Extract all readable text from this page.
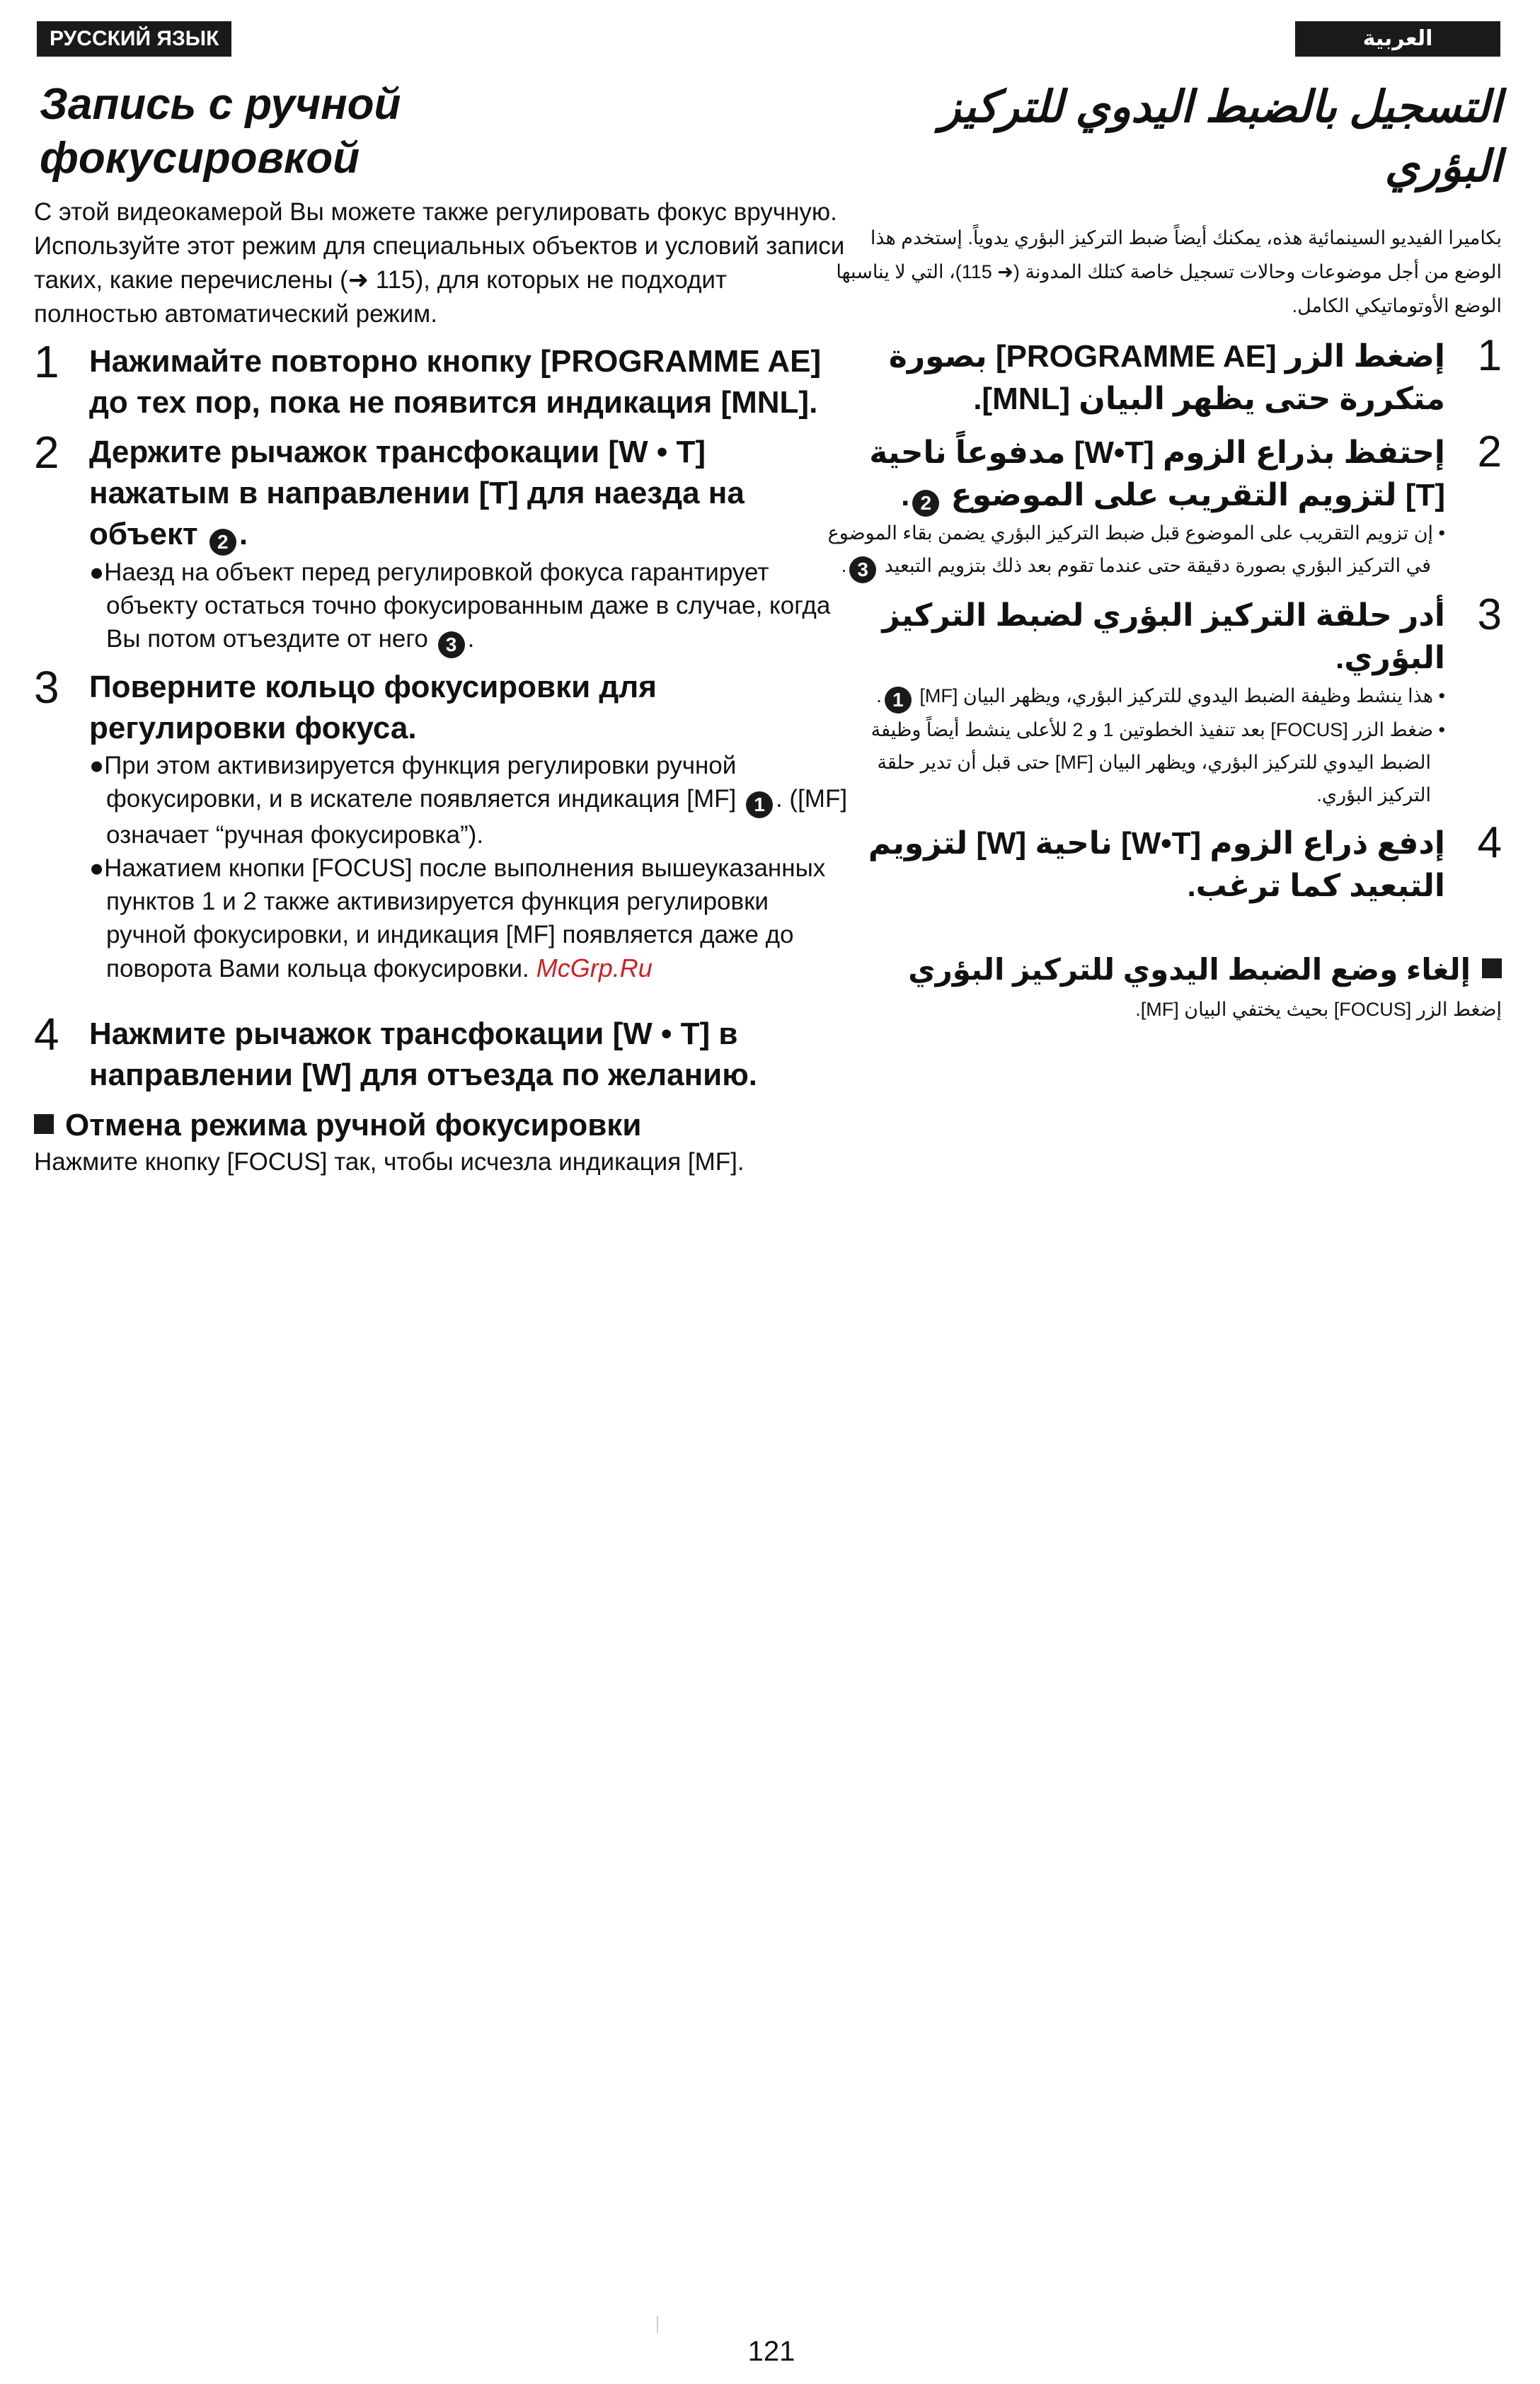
РУССКИЙ ЯЗЫК	العربية
Запись с ручной
фокусировкой
С этой видеокамерой Вы можете также регулировать фокус вручную.
Используйте этот режим для специальных объектов и условий записи таких, какие перечислены (➜ 115), для которых не подходит полностью автоматический режим.
1 Нажимайте повторно кнопку [PROGRAMME AE] до тех пор, пока не появится индикация [MNL].
2 Держите рычажок трансфокации [W • T] нажатым в направлении [T] для наезда на объект 2 .
●Наезд на объект перед регулировкой фокуса гарантирует объекту остаться точно фокусированным даже в случае, когда Вы потом отъездите от него 3 .
3 Поверните кольцо фокусировки для регулировки фокуса.
●При этом активизируется функция регулировки ручной фокусировки, и в искателе появляется индикация [MF] 1 . ([MF] означает “ручная фокусировка”).
●Нажатием кнопки [FOCUS] после выполнения вышеуказанных пунктов 1 и 2 также активизируется функция регулировки ручной фокусировки, и индикация [MF] появляется даже до поворота Вами кольца фокусировки. McGrp.Ru
4 Нажмите рычажок трансфокации [W • T] в направлении [W] для отъезда по желанию.
Отмена режима ручной фокусировки
Нажмите кнопку [FOCUS] так, чтобы исчезла индикация [MF].
التسجيل بالضبط اليدوي للتركيز البؤري
بكاميرا الفيديو السينمائية هذه، يمكنك أيضاً ضبط التركيز البؤري يدوياً. إستخدم هذا الوضع من أجل موضوعات وحالات تسجيل خاصة كتلك المدونة (➜ 115)، التي لا يناسبها الوضع الأوتوماتيكي الكامل.
1
إضغط الزر [PROGRAMME AE] بصورة متكررة حتى يظهر البيان [MNL].
2
إحتفظ بذراع الزوم [W•T] مدفوعاً ناحية [T] لتزويم التقريب على الموضوع 2.
• إن تزويم التقريب على الموضوع قبل ضبط التركيز البؤري يضمن بقاء الموضوع في التركيز البؤري بصورة دقيقة حتى عندما تقوم بعد ذلك بتزويم التبعيد 3.
3
أدر حلقة التركيز البؤري لضبط التركيز البؤري.
• هذا ينشط وظيفة الضبط اليدوي للتركيز البؤري، ويظهر البيان [MF] 1.
• ضغط الزر [FOCUS] بعد تنفيذ الخطوتين 1 و 2 للأعلى ينشط أيضاً وظيفة الضبط اليدوي للتركيز البؤري، ويظهر البيان [MF] حتى قبل أن تدير حلقة التركيز البؤري.
4
إدفع ذراع الزوم [W•T] ناحية [W] لتزويم التبعيد كما ترغب.
إلغاء وضع الضبط اليدوي للتركيز البؤري
إضغط الزر [FOCUS] بحيث يختفي البيان [MF].
121
